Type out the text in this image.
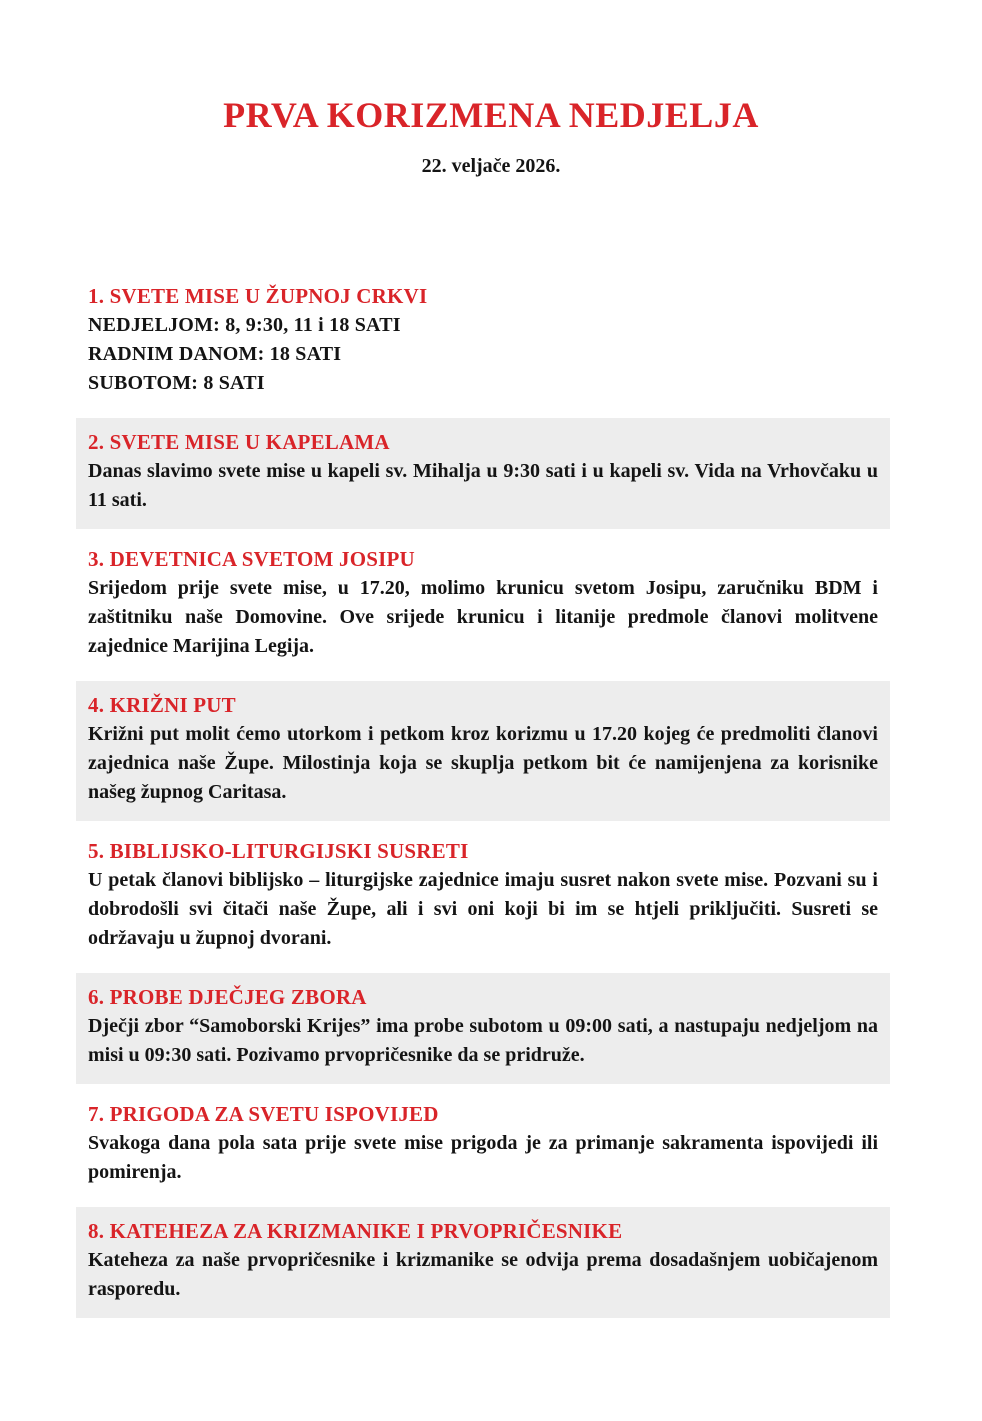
PRVA KORIZMENA NEDJELJA
22. veljače 2026.
1. SVETE MISE U ŽUPNOJ CRKVI
NEDJELJOM: 8, 9:30, 11 i 18 SATI
RADNIM DANOM: 18 SATI
SUBOTOM: 8 SATI
2. SVETE MISE U KAPELAMA

Danas slavimo svete mise u kapeli sv. Mihalja u 9:30 sati i u kapeli sv. Vida na Vrhovčaku u 11 sati.

3. DEVETNICA SVETOM JOSIPU

Srijedom prije svete mise, u 17.20, molimo krunicu svetom Josipu, zaručniku BDM i zaštitniku naše Domovine. Ove srijede krunicu i litanije predmole članovi molitvene zajednice Marijina Legija.

4. KRIŽNI PUT

Križni put molit ćemo utorkom i petkom kroz korizmu u 17.20 kojeg će predmoliti članovi zajednica naše Župe. Milostinja koja se skuplja petkom bit će namijenjena za korisnike našeg župnog Caritasa.

5. BIBLIJSKO-LITURGIJSKI SUSRETI

U petak članovi biblijsko – liturgijske zajednice imaju susret nakon svete mise. Pozvani su i dobrodošli svi čitači naše Župe, ali i svi oni koji bi im se htjeli priključiti. Susreti se održavaju u župnoj dvorani.

6. PROBE DJEČJEG ZBORA

Dječji zbor “Samoborski Krijes” ima probe subotom u 09:00 sati, a nastupaju nedjeljom na misi u 09:30 sati. Pozivamo prvopričesnike da se pridruže.

7. PRIGODA ZA SVETU ISPOVIJED

Svakoga dana pola sata prije svete mise prigoda je za primanje sakramenta ispovijedi ili pomirenja.

8. KATEHEZA ZA KRIZMANIKE I PRVOPRIČESNIKE

Kateheza za naše prvopričesnike i krizmanike se odvija prema dosadašnjem uobičajenom rasporedu.
